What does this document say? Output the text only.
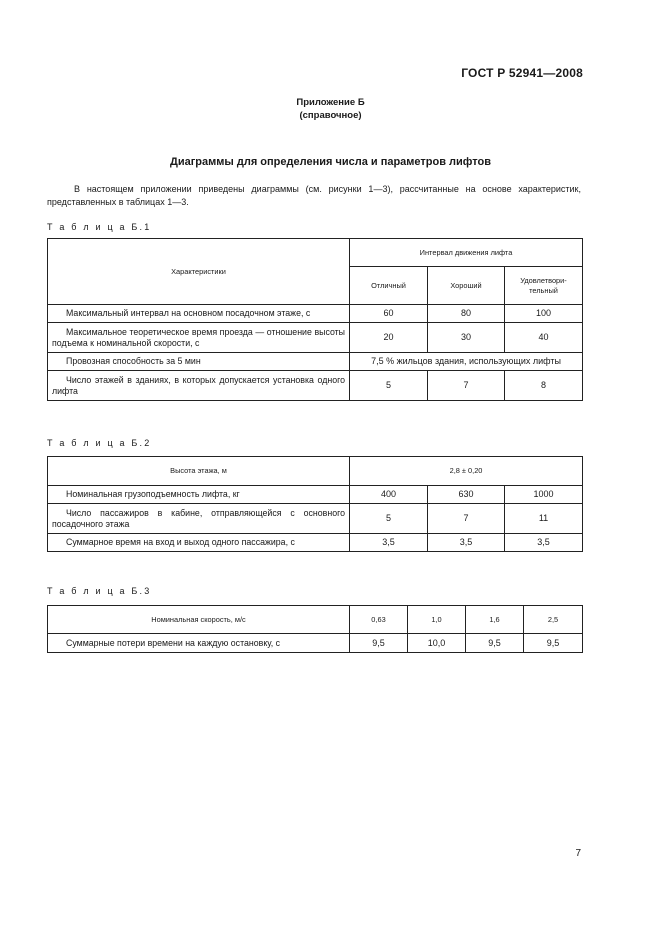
ГОСТ Р 52941—2008
Приложение Б
(справочное)
Диаграммы для определения числа и параметров лифтов
В настоящем приложении приведены диаграммы (см. рисунки 1—3), рассчитанные на основе характеристик, представленных в таблицах 1—3.
Т а б л и ц а Б.1
Характеристики	Интервал движения лифта		
	Отличный	Хороший	Удовлетвори-тельный
Максимальный интервал на основном посадочном этаже, с	60	80	100
Максимальное теоретическое время проезда — отношение высоты подъема к номинальной скорости, с	20	30	40
Провозная способность за 5 мин	7,5 % жильцов здания, использующих лифты		
Число этажей в зданиях, в которых допускается установка одного лифта	5	7	8
Т а б л и ц а Б.2
Высота этажа, м	2,8 ± 0,20		
Номинальная грузоподъемность лифта, кг	400	630	1000
Число пассажиров в кабине, отправляющейся с основного посадочного этажа	5	7	11
Суммарное время на вход и выход одного пассажира, с	3,5	3,5	3,5
Т а б л и ц а Б.3
Номинальная скорость, м/с	0,63	1,0	1,6	2,5
Суммарные потери времени на каждую остановку, с	9,5	10,0	9,5	9,5
7
